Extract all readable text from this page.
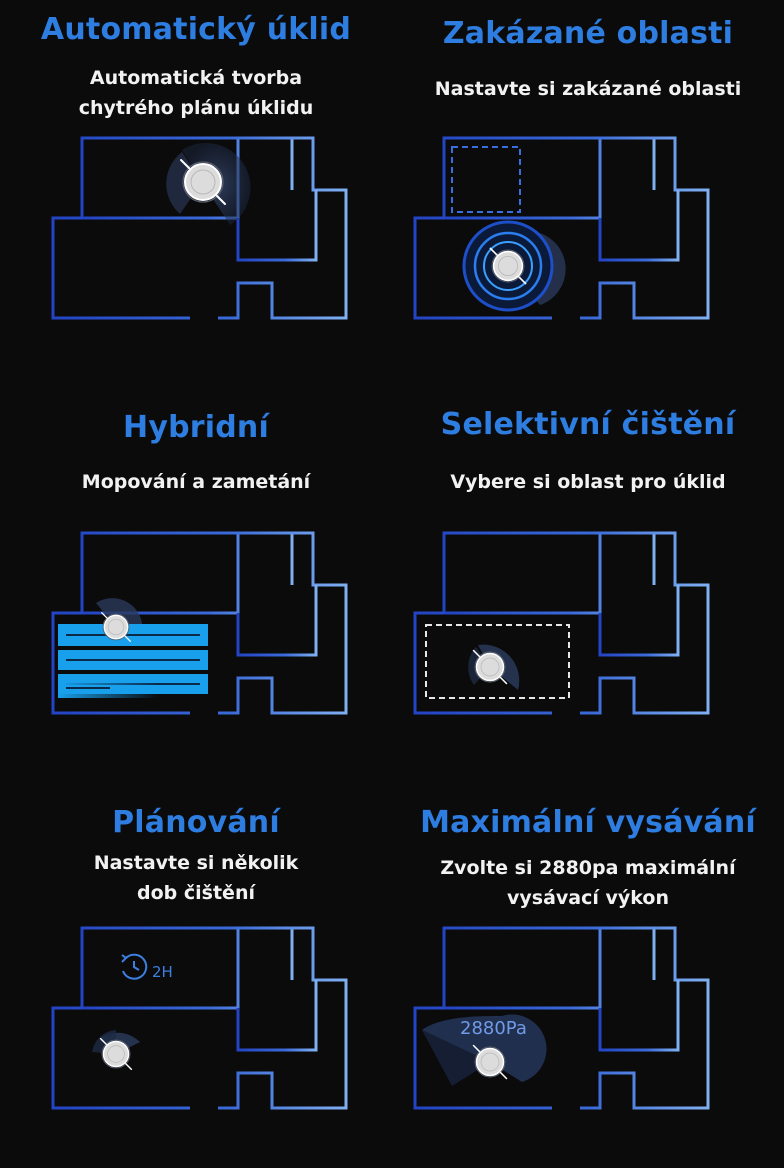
Automatický úklid
Automatická tvorba
chytrého plánu úklidu
Zakázané oblasti
Nastavte si zakázané oblasti
Hybridní
Mopování a zametání
Selektivní čištění
Vybere si oblast pro úklid
Plánování
Nastavte si několik
dob čištění
2H
Maximální vysávání
Zvolte si 2880pa maximální
vysávací výkon
2880Pa
